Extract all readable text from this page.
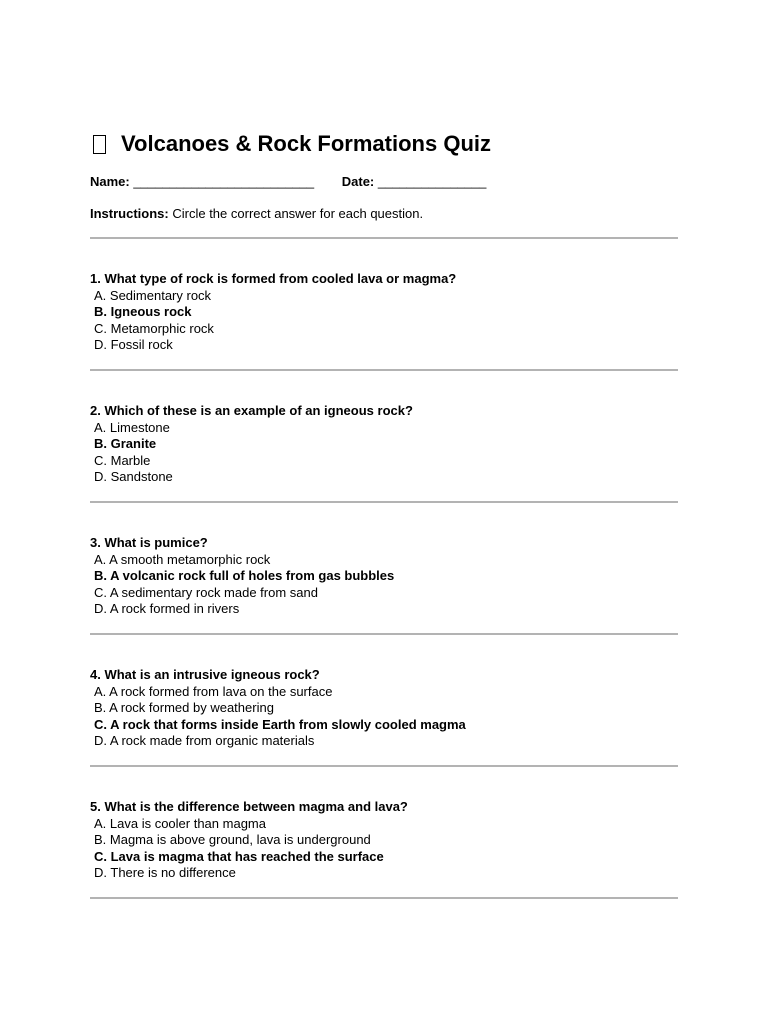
Volcanoes & Rock Formations Quiz
Name: _________________________ Date: _______________
Instructions: Circle the correct answer for each question.

1. What type of rock is formed from cooled lava or magma?

A. Sedimentary rock

B. Igneous rock

C. Metamorphic rock

D. Fossil rock

2. Which of these is an example of an igneous rock?

A. Limestone

B. Granite

C. Marble

D. Sandstone

3. What is pumice?

A. A smooth metamorphic rock

B. A volcanic rock full of holes from gas bubbles

C. A sedimentary rock made from sand

D. A rock formed in rivers

4. What is an intrusive igneous rock?

A. A rock formed from lava on the surface

B. A rock formed by weathering

C. A rock that forms inside Earth from slowly cooled magma

D. A rock made from organic materials

5. What is the difference between magma and lava?

A. Lava is cooler than magma

B. Magma is above ground, lava is underground

C. Lava is magma that has reached the surface

D. There is no difference
